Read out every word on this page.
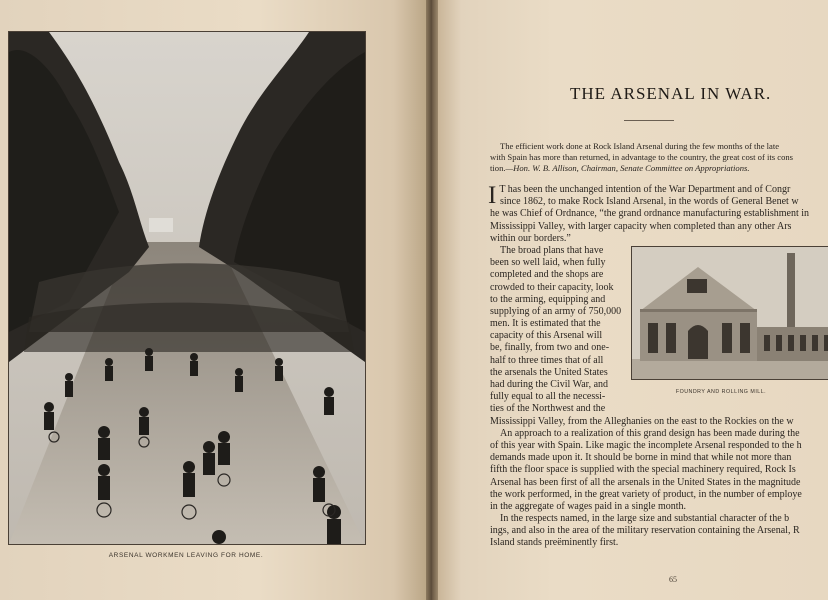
ARSENAL WORKMEN LEAVING FOR HOME.
THE ARSENAL IN WAR.
The efficient work done at Rock Island Arsenal during the few months of the late
with Spain has more than returned, in advantage to the country, the great cost of its cons
tion.—Hon. W. B. Allison, Chairman, Senate Committee on Appropriations.
I T has been the unchanged intention of the War Department and of Congr
since 1862, to make Rock Island Arsenal, in the words of General Benet w
he was Chief of Ordnance, “the grand ordnance manufacturing establishment in
Mississippi Valley, with larger capacity when completed than any other Ars
within our borders.”
The broad plans that have
been so well laid, when fully
completed and the shops are
crowded to their capacity, look
to the arming, equipping and
supplying of an army of 750,000
men. It is estimated that the
capacity of this Arsenal will
be, finally, from two and one-
half to three times that of all
the arsenals the United States
had during the Civil War, and
fully equal to all the necessi-
ties of the Northwest and the
Mississippi Valley, from the Alleghanies on the east to the Rockies on the w
An approach to a realization of this grand design has been made during the
of this year with Spain. Like magic the incomplete Arsenal responded to the h
demands made upon it. It should be borne in mind that while not more than
fifth the floor space is supplied with the special machinery required, Rock Is
Arsenal has been first of all the arsenals in the United States in the magnitude
the work performed, in the great variety of product, in the number of employe
in the aggregate of wages paid in a single month.
In the respects named, in the large size and substantial character of the b
ings, and also in the area of the military reservation containing the Arsenal, R
Island stands preëminently first.
FOUNDRY AND ROLLING MILL.
65
